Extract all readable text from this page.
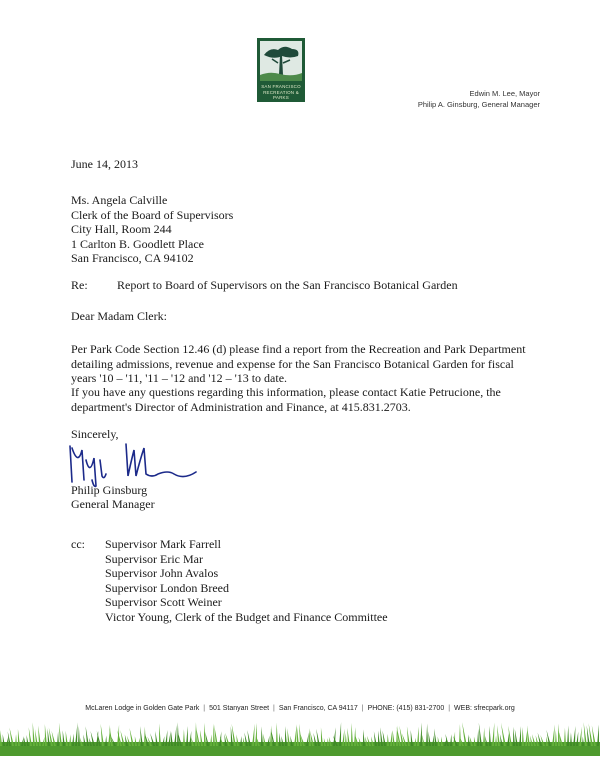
SAN FRANCISCO RECREATION & PARKS	Edwin M. Lee, Mayor
Philip A. Ginsburg, General Manager
June 14, 2013
Ms. Angela Calville
Clerk of the Board of Supervisors
City Hall, Room 244
1 Carlton B. Goodlett Place
San Francisco, CA 94102
Re: Report to Board of Supervisors on the San Francisco Botanical Garden
Dear Madam Clerk:
Per Park Code Section 12.46 (d) please find a report from the Recreation and Park Department
detailing admissions, revenue and expense for the San Francisco Botanical Garden for fiscal
years '10 – '11, '11 – '12 and '12 – '13 to date.
If you have any questions regarding this information, please contact Katie Petrucione, the
department's Director of Administration and Finance, at 415.831.2703.
Sincerely,
Philip Ginsburg
General Manager
cc: Supervisor Mark Farrell
Supervisor Eric Mar
Supervisor John Avalos
Supervisor London Breed
Supervisor Scott Weiner
Victor Young, Clerk of the Budget and Finance Committee
McLaren Lodge in Golden Gate Park | 501 Stanyan Street | San Francisco, CA 94117 | PHONE: (415) 831-2700 | WEB: sfrecpark.org
